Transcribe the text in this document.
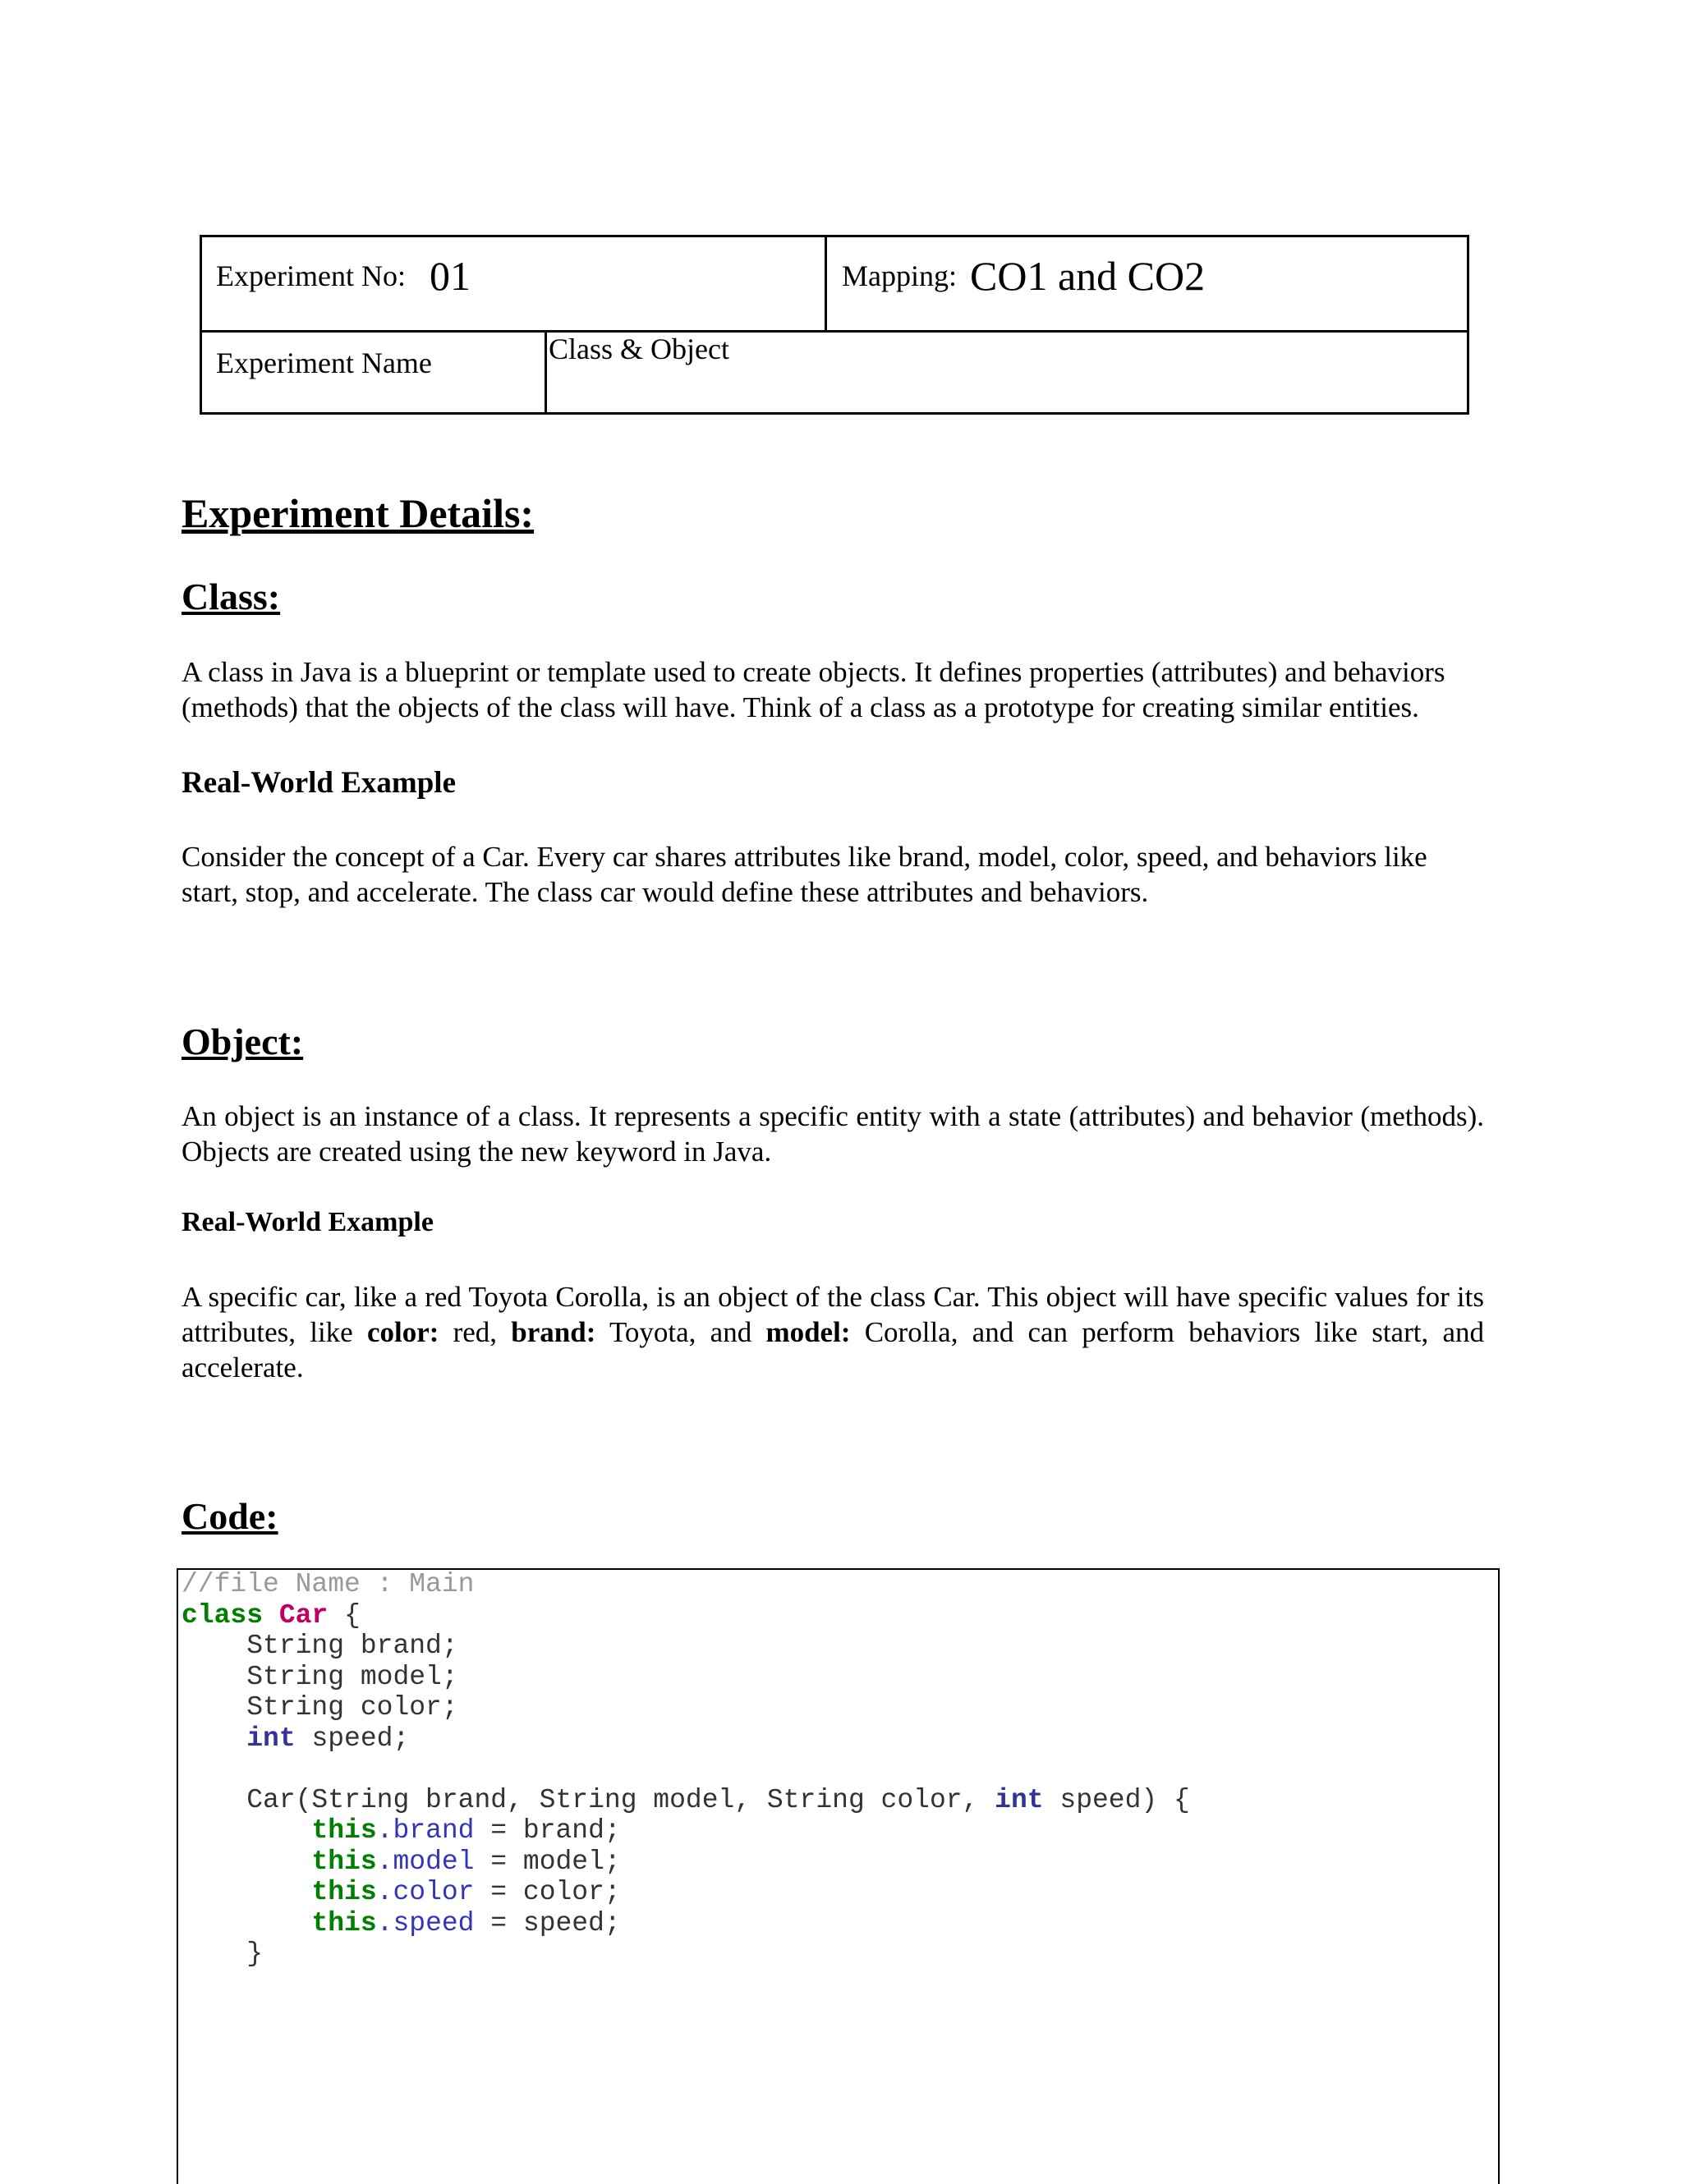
Experiment No: 01	Mapping: CO1 and CO2
Experiment Name	Class & Object
Experiment Details:
Class:

A class in Java is a blueprint or template used to create objects. It defines properties (attributes) and behaviors (methods) that the objects of the class will have. Think of a class as a prototype for creating similar entities.

Real-World Example

Consider the concept of a Car. Every car shares attributes like brand, model, color, speed, and behaviors like start, stop, and accelerate. The class car would define these attributes and behaviors.

Object:

An object is an instance of a class. It represents a specific entity with a state (attributes) and behavior (methods). Objects are created using the new keyword in Java.

Real-World Example

A specific car, like a red Toyota Corolla, is an object of the class Car. This object will have specific values for its attributes, like color: red, brand: Toyota, and model: Corolla, and can perform behaviors like start, and accelerate.

Code:
//file Name : Main
class Car {
String brand;
String model;
String color;
int speed;

Car(String brand, String model, String color, int speed) {
this.brand = brand;
this.model = model;
this.color = color;
this.speed = speed;
}
